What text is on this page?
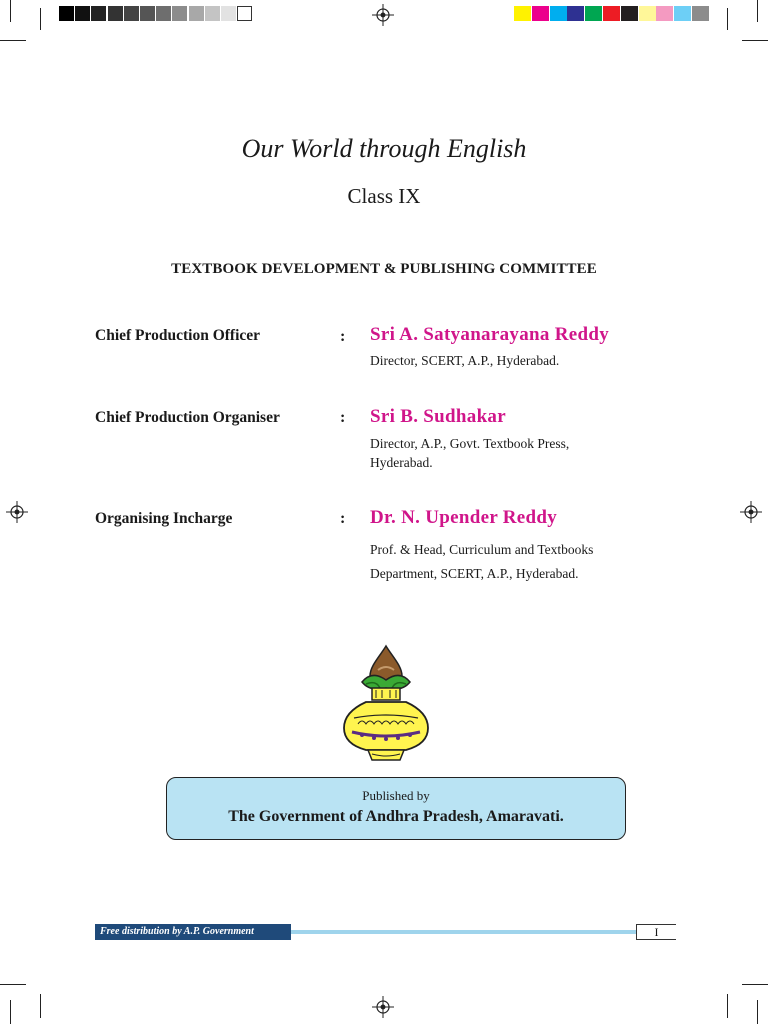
Our World through English
Class IX
TEXTBOOK DEVELOPMENT & PUBLISHING COMMITTEE
Chief Production Officer	: Sri A. Satyanarayana Reddy
Director, SCERT, A.P., Hyderabad.
Chief Production Organiser	: Sri B. Sudhakar
Director, A.P., Govt. Textbook Press,
Hyderabad.
Organising Incharge	: Dr. N. Upender Reddy
Prof. & Head, Curriculum and Textbooks
Department, SCERT, A.P., Hyderabad.
Published by
The Government of Andhra Pradesh, Amaravati.
Free distribution by A.P. Government	I
